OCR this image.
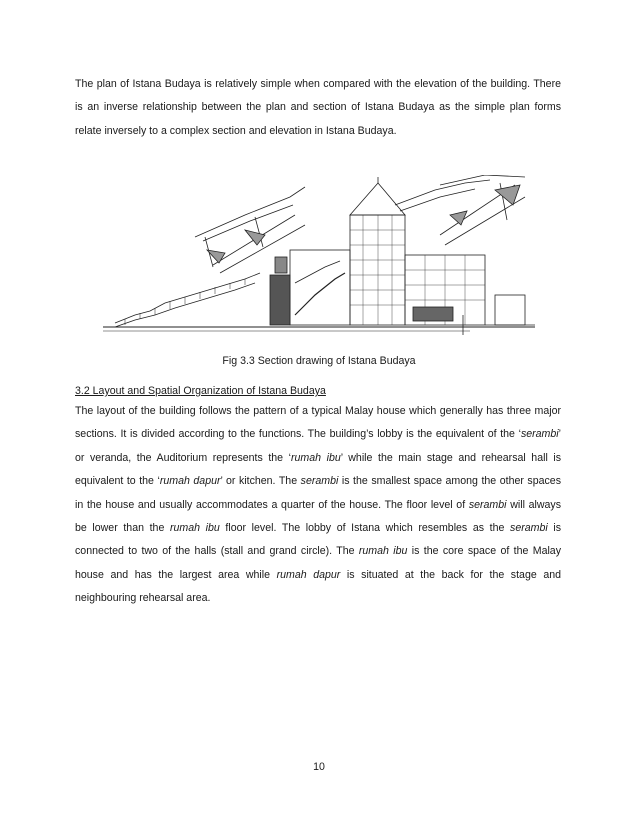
The plan of Istana Budaya is relatively simple when compared with the elevation of the building. There is an inverse relationship between the plan and section of Istana Budaya as the simple plan forms relate inversely to a complex section and elevation in Istana Budaya.

Fig 3.3 Section drawing of Istana Budaya
3.2 Layout and Spatial Organization of Istana Budaya

The layout of the building follows the pattern of a typical Malay house which generally has three major sections. It is divided according to the functions. The building’s lobby is the equivalent of the ‘serambi’ or veranda, the Auditorium represents the ‘rumah ibu’ while the main stage and rehearsal hall is equivalent to the ‘rumah dapur’ or kitchen. The serambi is the smallest space among the other spaces in the house and usually accommodates a quarter of the house. The floor level of serambi will always be lower than the rumah ibu floor level. The lobby of Istana which resembles as the serambi is connected to two of the halls (stall and grand circle). The rumah ibu is the core space of the Malay house and has the largest area while rumah dapur is situated at the back for the stage and neighbouring rehearsal area.

10
